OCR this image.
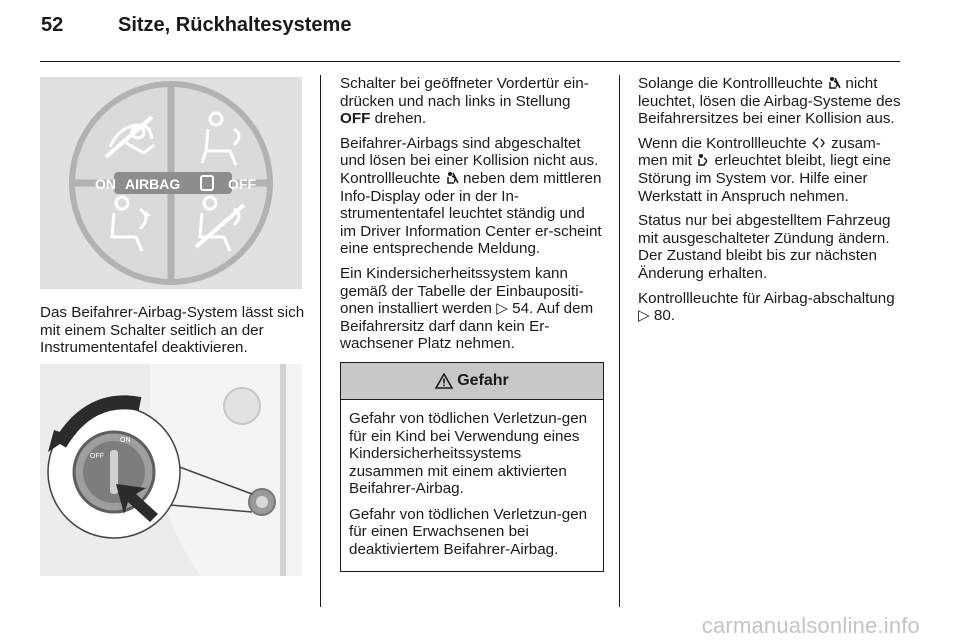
52	Sitze, Rückhaltesysteme
ON AIRBAG	OFF
Das Beifahrer-Airbag-System lässt sich mit einem Schalter seitlich an der Instrumententafel deaktivieren.
ON
OFF

Schalter bei geöffneter Vordertür ein-drücken und nach links in Stellung OFF drehen.

Beifahrer-Airbags sind abgeschaltet und lösen bei einer Kollision nicht aus. Kontrollleuchte neben dem mittleren Info-Display oder in der In-strumententafel leuchtet ständig und im Driver Information Center er-scheint eine entsprechende Meldung.

Ein Kindersicherheitssystem kann gemäß der Tabelle der Einbaupositi-onen installiert werden ▷ 54. Auf dem Beifahrersitz darf dann kein Er-wachsener Platz nehmen.

Gefahr

Gefahr von tödlichen Verletzun-gen für ein Kind bei Verwendung eines Kindersicherheitssystems zusammen mit einem aktivierten Beifahrer-Airbag.

Gefahr von tödlichen Verletzun-gen für einen Erwachsenen bei deaktiviertem Beifahrer-Airbag.

Solange die Kontrollleuchte nicht leuchtet, lösen die Airbag-Systeme des Beifahrersitzes bei einer Kollision aus.

Wenn die Kontrollleuchte zusam-men mit erleuchtet bleibt, liegt eine Störung im System vor. Hilfe einer Werkstatt in Anspruch nehmen.

Status nur bei abgestelltem Fahrzeug mit ausgeschalteter Zündung ändern. Der Zustand bleibt bis zur nächsten Änderung erhalten.

Kontrollleuchte für Airbag-abschaltung ▷ 80.

carmanualsonline.info
